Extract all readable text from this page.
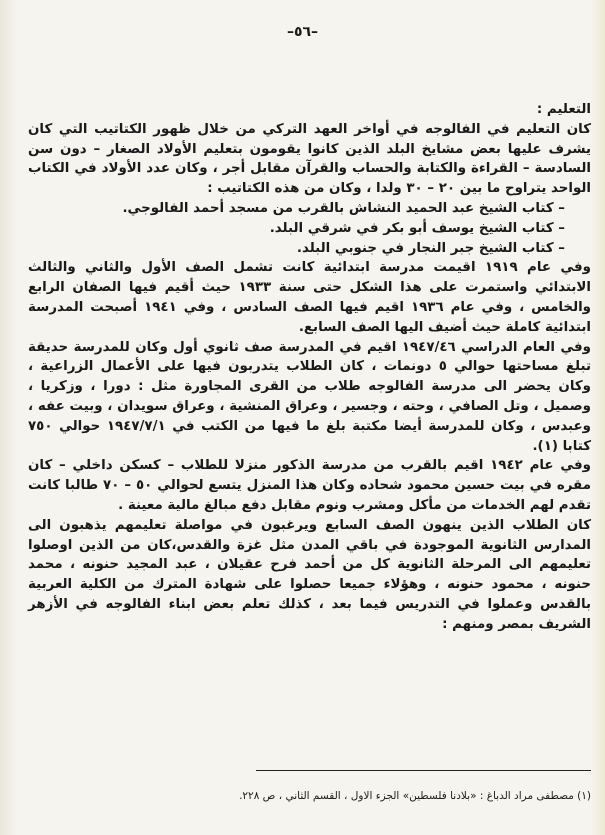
–٥٦–

التعليم :

كان التعليم في الفالوجه في أواخر العهد التركي من خلال ظهور الكتاتيب التي كان يشرف عليها بعض مشايخ البلد الذين كانوا يقومون بتعليم الأولاد الصغار – دون سن السادسة – القراءة والكتابة والحساب والقرآن مقابل أجر ، وكان عدد الأولاد في الكتاب الواحد يتراوح ما بين ٢٠ – ٣٠ ولدا ، وكان من هذه الكتاتيب :

– كتاب الشيخ عبد الحميد النشاش بالقرب من مسجد أحمد الفالوجي.
– كتاب الشيخ يوسف أبو بكر في شرقي البلد.
– كتاب الشيخ جبر النجار في جنوبي البلد.

وفي عام ١٩١٩ اقيمت مدرسة ابتدائية كانت تشمل الصف الأول والثاني والثالث الابتدائي واستمرت على هذا الشكل حتى سنة ١٩٣٣ حيث أقيم فيها الصفان الرابع والخامس ، وفي عام ١٩٣٦ اقيم فيها الصف السادس ، وفي ١٩٤١ أصبحت المدرسة ابتدائية كاملة حيث أضيف اليها الصف السابع.

وفي العام الدراسي ١٩٤٧/٤٦ اقيم في المدرسة صف ثانوي أول وكان للمدرسة حديقة تبلغ مساحتها حوالي ٥ دونمات ، كان الطلاب يتدربون فيها على الأعمال الزراعية ، وكان يحضر الى مدرسة الفالوجه طلاب من القرى المجاورة مثل : دورا ، وزكريا ، وصميل ، وتل الصافي ، وحته ، وجسير ، وعراق المنشية ، وعراق سويدان ، وبيت عفه ، وعبدس ، وكان للمدرسة أيضا مكتبة بلغ ما فيها من الكتب في ١٩٤٧/٧/١ حوالي ٧٥٠ كتابا (١).

وفي عام ١٩٤٢ اقيم بالقرب من مدرسة الذكور منزلا للطلاب – كسكن داخلي – كان مقره في بيت حسين محمود شحاده وكان هذا المنزل يتسع لحوالي ٥٠ – ٧٠ طالبا كانت تقدم لهم الخدمات من مأكل ومشرب ونوم مقابل دفع مبالغ مالية معينة .

كان الطلاب الذين ينهون الصف السابع ويرغبون في مواصلة تعليمهم يذهبون الى المدارس الثانوية الموجودة في باقي المدن مثل غزة والقدس،كان من الذين اوصلوا تعليمهم الى المرحلة الثانوية كل من أحمد فرح عقيلان ، عبد المجيد حنونه ، محمد حنونه ، محمود حنونه ، وهؤلاء جميعا حصلوا على شهادة المترك من الكلية العربية بالقدس وعملوا في التدريس فيما بعد ، كذلك تعلم بعض ابناء الفالوجه في الأزهر الشريف بمصر ومنهم :

(١) مصطفى مراد الدباغ : «بلادنا فلسطين» الجزء الاول ، القسم الثاني ، ص ٢٢٨.
